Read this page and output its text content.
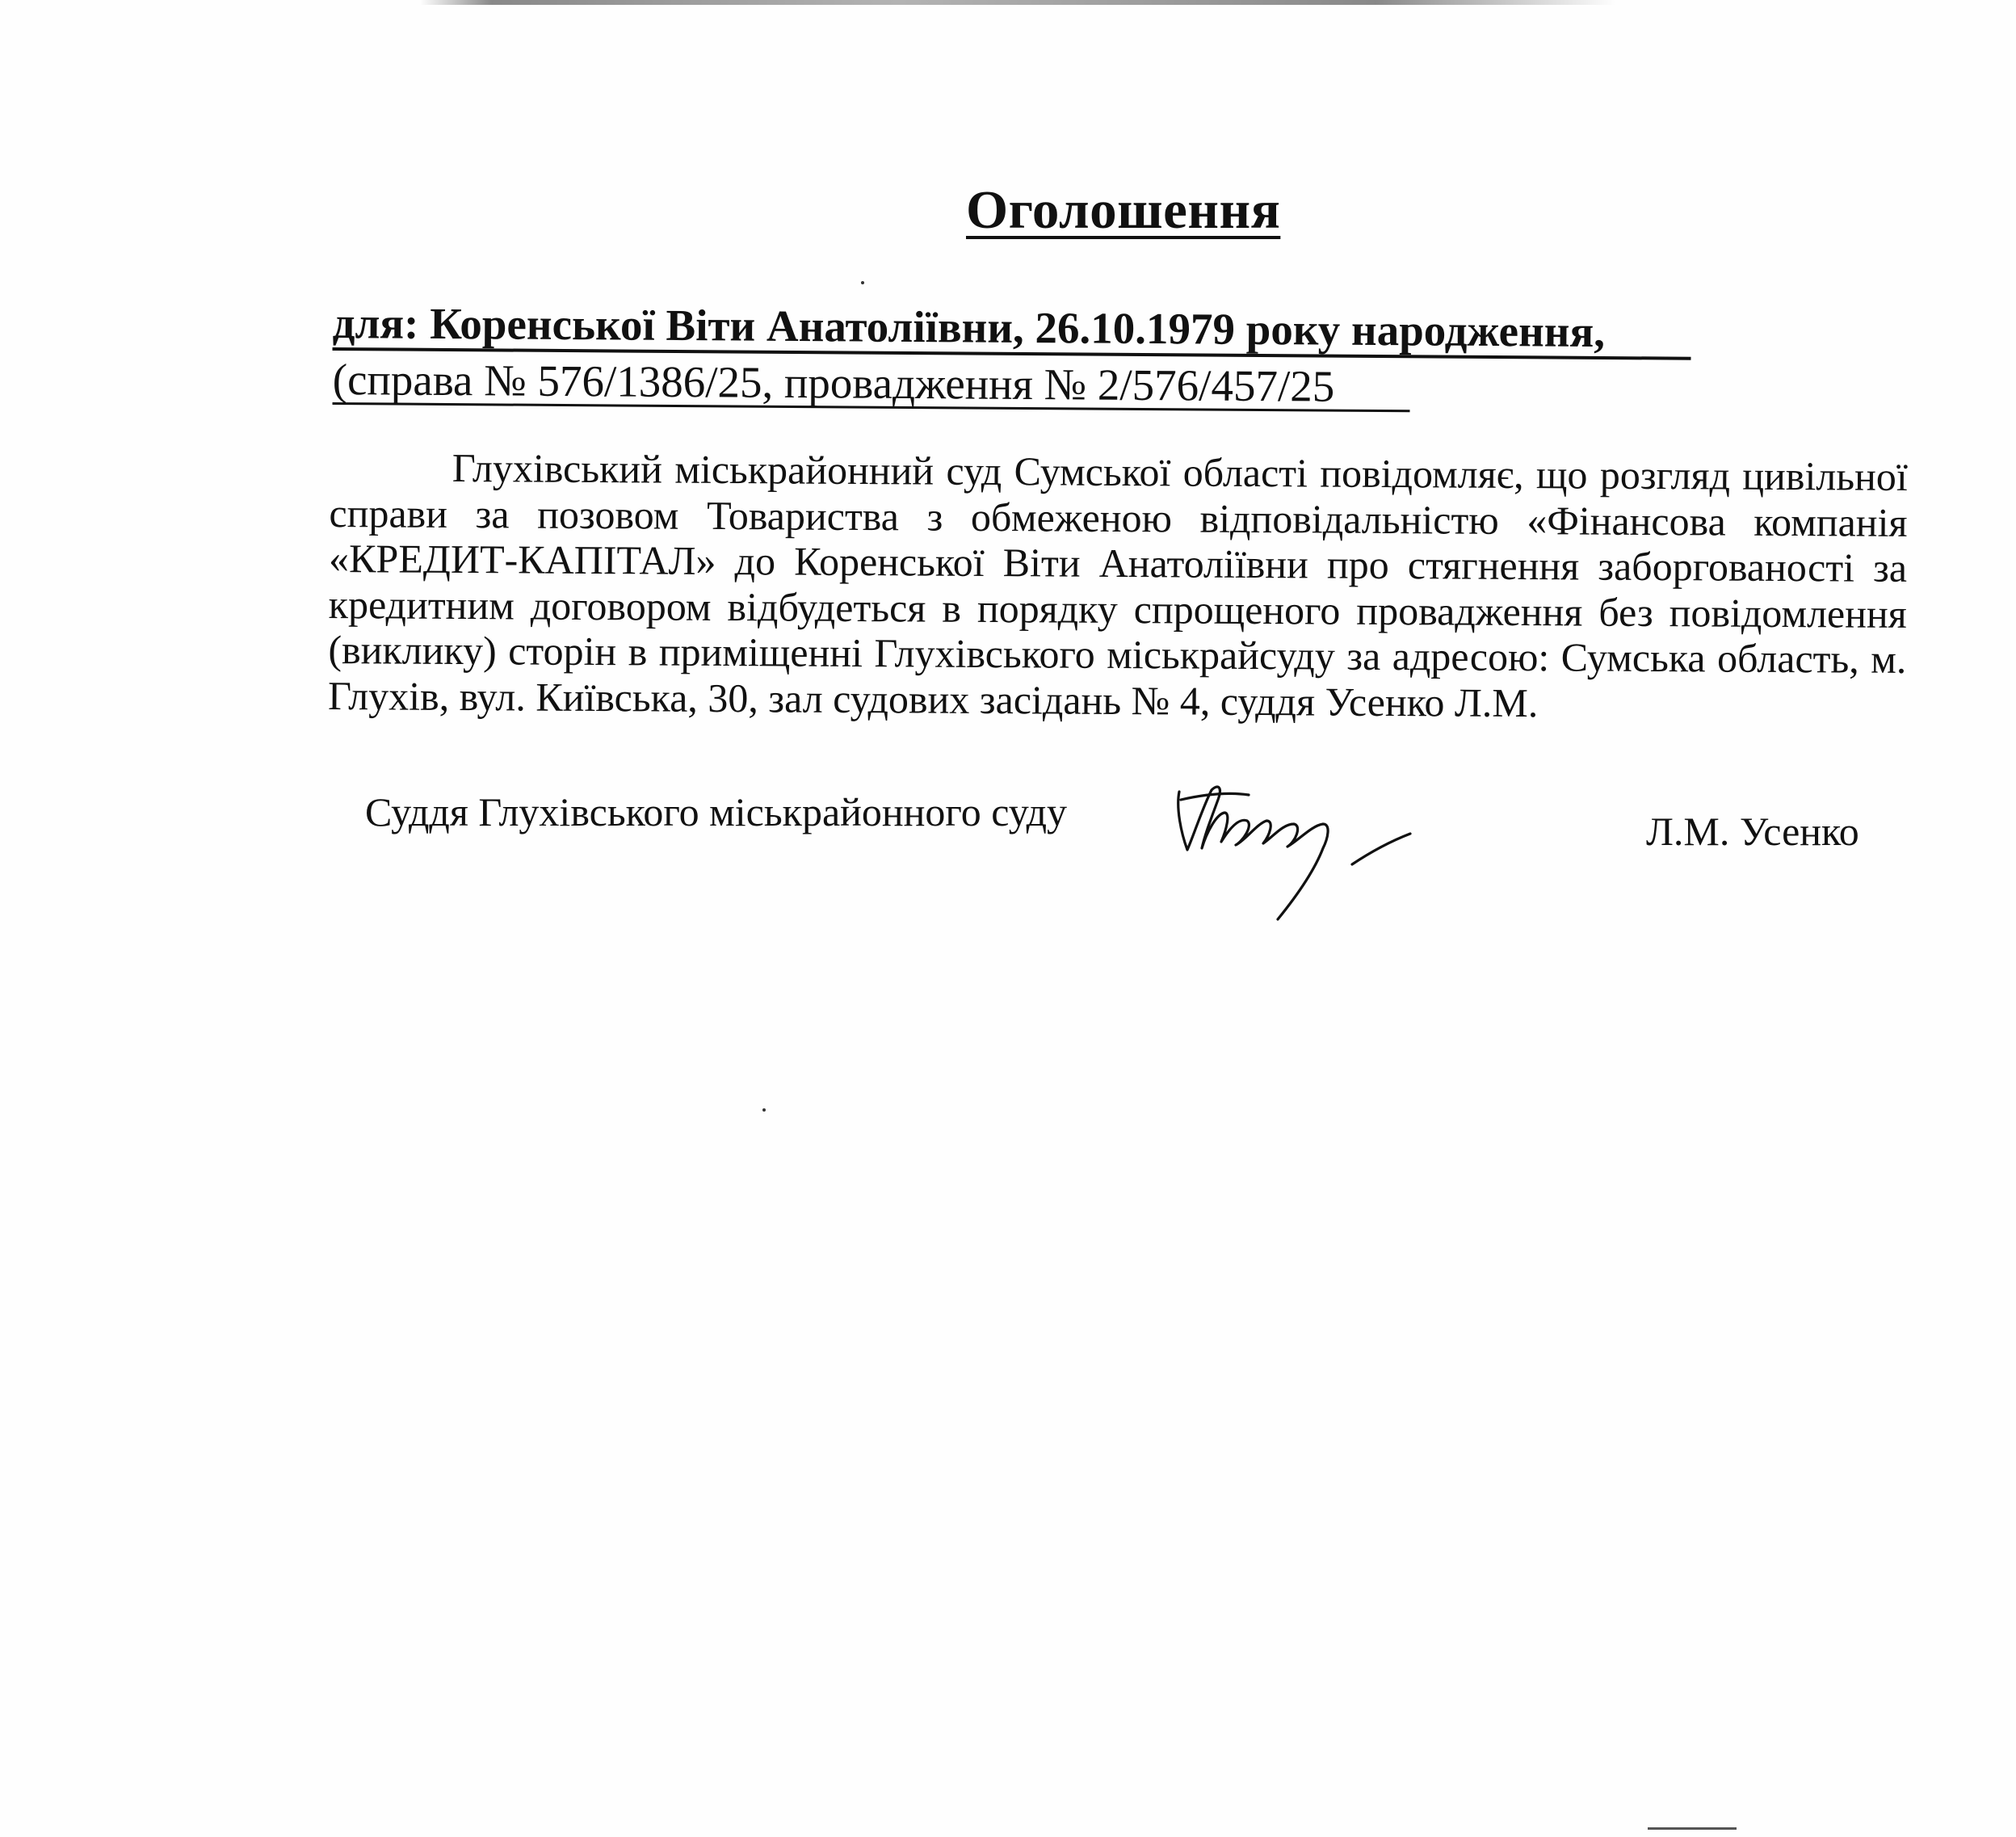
Оголошення
для: Коренської Віти Анатоліївни, 26.10.1979 року народження,
(справа № 576/1386/25, провадження № 2/576/457/25
Глухівський міськрайонний суд Сумської області повідомляє, що розгляд цивільної справи за позовом Товариства з обмеженою відповідальністю «Фінансова компанія «КРЕДИТ-КАПІТАЛ» до Коренської Віти Анатоліївни про стягнення заборгованості за кредитним договором відбудеться в порядку спрощеного провадження без повідомлення (виклику) сторін в приміщенні Глухівського міськрайсуду за адресою: Сумська область, м. Глухів, вул. Київська, 30, зал судових засідань № 4, суддя Усенко Л.М.
Суддя Глухівського міськрайонного суду	Л.М. Усенко
